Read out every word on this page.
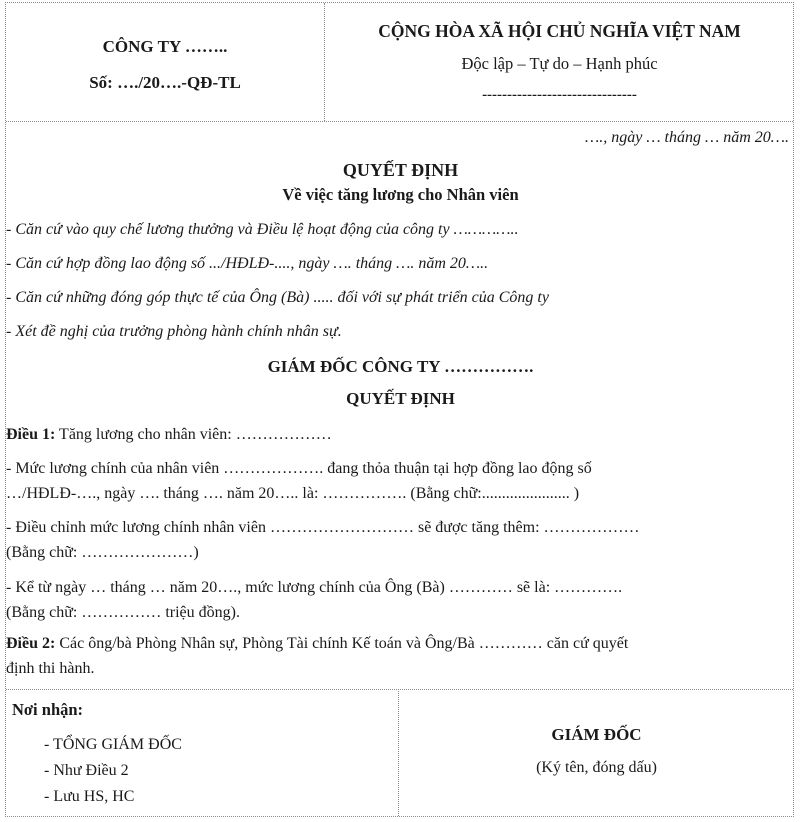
CÔNG TY ……..
Số: …./20….-QĐ-TL
CỘNG HÒA XÃ HỘI CHỦ NGHĨA VIỆT NAM
Độc lập – Tự do – Hạnh phúc
-------------------------------
…., ngày … tháng … năm 20….
QUYẾT ĐỊNH
Về việc tăng lương cho Nhân viên
- Căn cứ vào quy chế lương thưởng và Điều lệ hoạt động của công ty …………..
- Căn cứ hợp đồng lao động số .../HĐLĐ-...., ngày …. tháng …. năm 20…..
- Căn cứ những đóng góp thực tế của Ông (Bà) ..... đối với sự phát triển của Công ty
- Xét đề nghị của trưởng phòng hành chính nhân sự.
GIÁM ĐỐC CÔNG TY …………….
QUYẾT ĐỊNH
Điều 1: Tăng lương cho nhân viên: ………………
- Mức lương chính của nhân viên ………………. đang thỏa thuận tại hợp đồng lao động số
…/HĐLĐ-…., ngày …. tháng …. năm 20….. là: ……………. (Bằng chữ:...................... )
- Điều chỉnh mức lương chính nhân viên ……………………… sẽ được tăng thêm: ………………
(Bằng chữ: …………………)
- Kể từ ngày … tháng … năm 20…., mức lương chính của Ông (Bà) ………… sẽ là: ………….
(Bằng chữ: …………… triệu đồng).
Điều 2: Các ông/bà Phòng Nhân sự, Phòng Tài chính Kế toán và Ông/Bà ………… căn cứ quyết
định thi hành.
Nơi nhận:
- TỔNG GIÁM ĐỐC
- Như Điều 2
- Lưu HS, HC
GIÁM ĐỐC
(Ký tên, đóng dấu)
